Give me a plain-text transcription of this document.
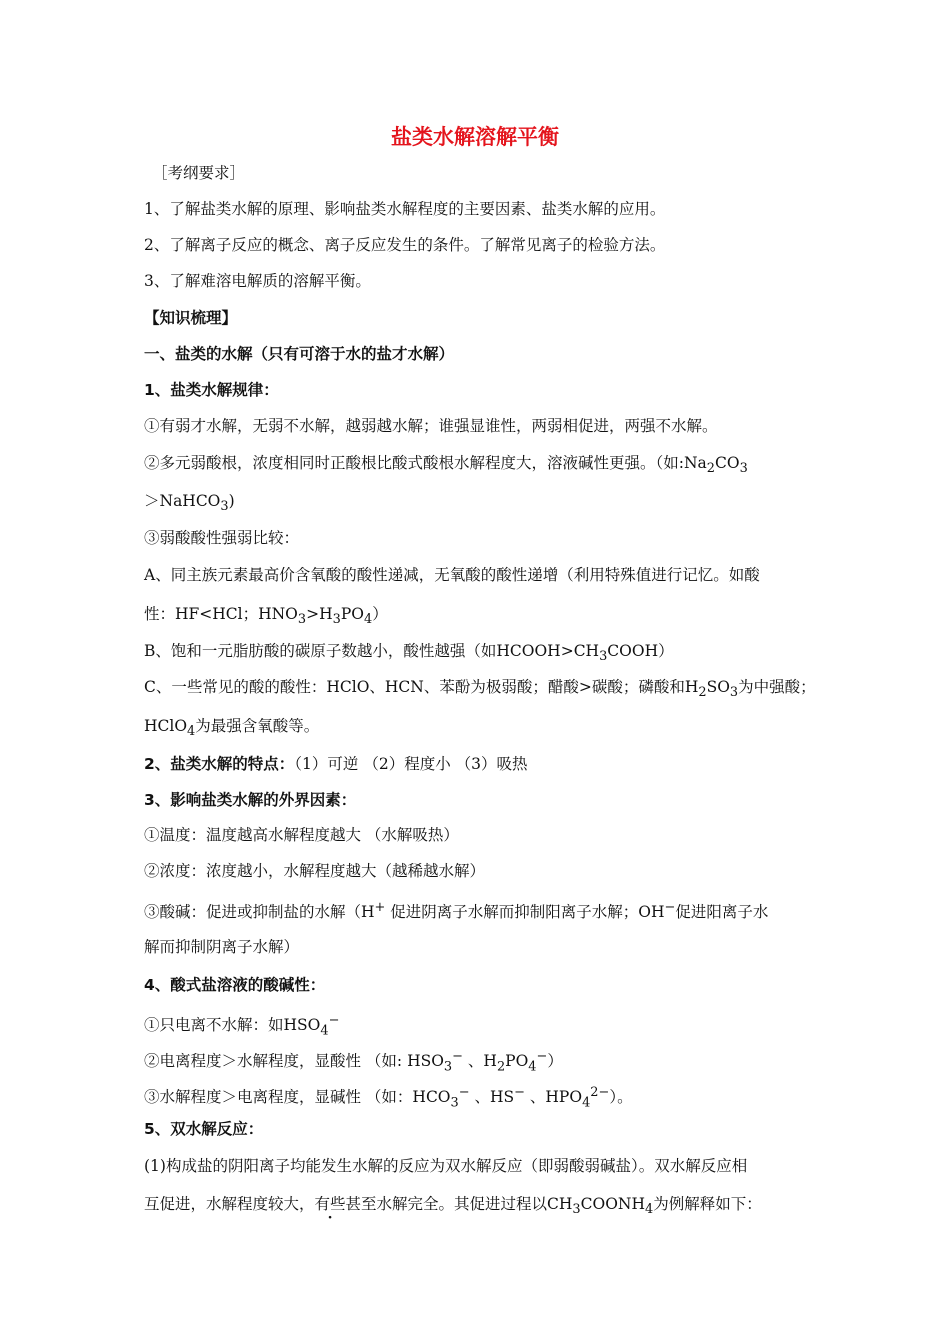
盐类水解溶解平衡
［考纲要求］
1、了解盐类水解的原理、影响盐类水解程度的主要因素、盐类水解的应用。
2、了解离子反应的概念、离子反应发生的条件。了解常见离子的检验方法。
3、了解难溶电解质的溶解平衡。
【知识梳理】
一、盐类的水解（只有可溶于水的盐才水解）
1、盐类水解规律：
①有弱才水解，无弱不水解，越弱越水解；谁强显谁性，两弱相促进，两强不水解。
②多元弱酸根，浓度相同时正酸根比酸式酸根水解程度大，溶液碱性更强。（如$:Na_2CO_3$
＞NaHCO$_3$)
③弱酸酸性强弱比较：
A、同主族元素最高价含氧酸的酸性递减，无氧酸的酸性递增（利用特殊值进行记忆。如酸
性：HF<HCl；$HNO_3>H_3PO_4$）
B、饱和一元脂肪酸的碳原子数越小，酸性越强（如$HCOOH>CH_3COOH$）
C、一些常见的酸的酸性：HClO、HCN、苯酚为极弱酸；醋酸>碳酸；磷酸和$H_2SO_3$为中强酸；
HClO$_4$为最强含氧酸等。
2、盐类水解的特点：（1）可逆 （2）程度小 （3）吸热
3、影响盐类水解的外界因素：
①温度：温度越高水解程度越大 （水解吸热）
②浓度：浓度越小，水解程度越大（越稀越水解）
③酸碱：促进或抑制盐的水解（H+ 促进阴离子水解而抑制阳离子水解；OH−促进阳离子水
解而抑制阴离子水解）
4、酸式盐溶液的酸碱性：
①只电离不水解：如$HSO_4^-$
②电离程度＞水解程度，显酸性 （如: $HSO_3^-$ 、$H_2PO_4^-$）
③水解程度＞电离程度，显碱性 （如：$HCO_3^-$ 、HS− 、$HPO_4^{2-}$）。
5、双水解反应：
(1)构成盐的阴阳离子均能发生水解的反应为双水解反应（即弱酸弱碱盐）。双水解反应相
互促进，水解程度较大，有些甚至水解完全。其促进过程以$CH_3COONH_4$为例解释如下：
